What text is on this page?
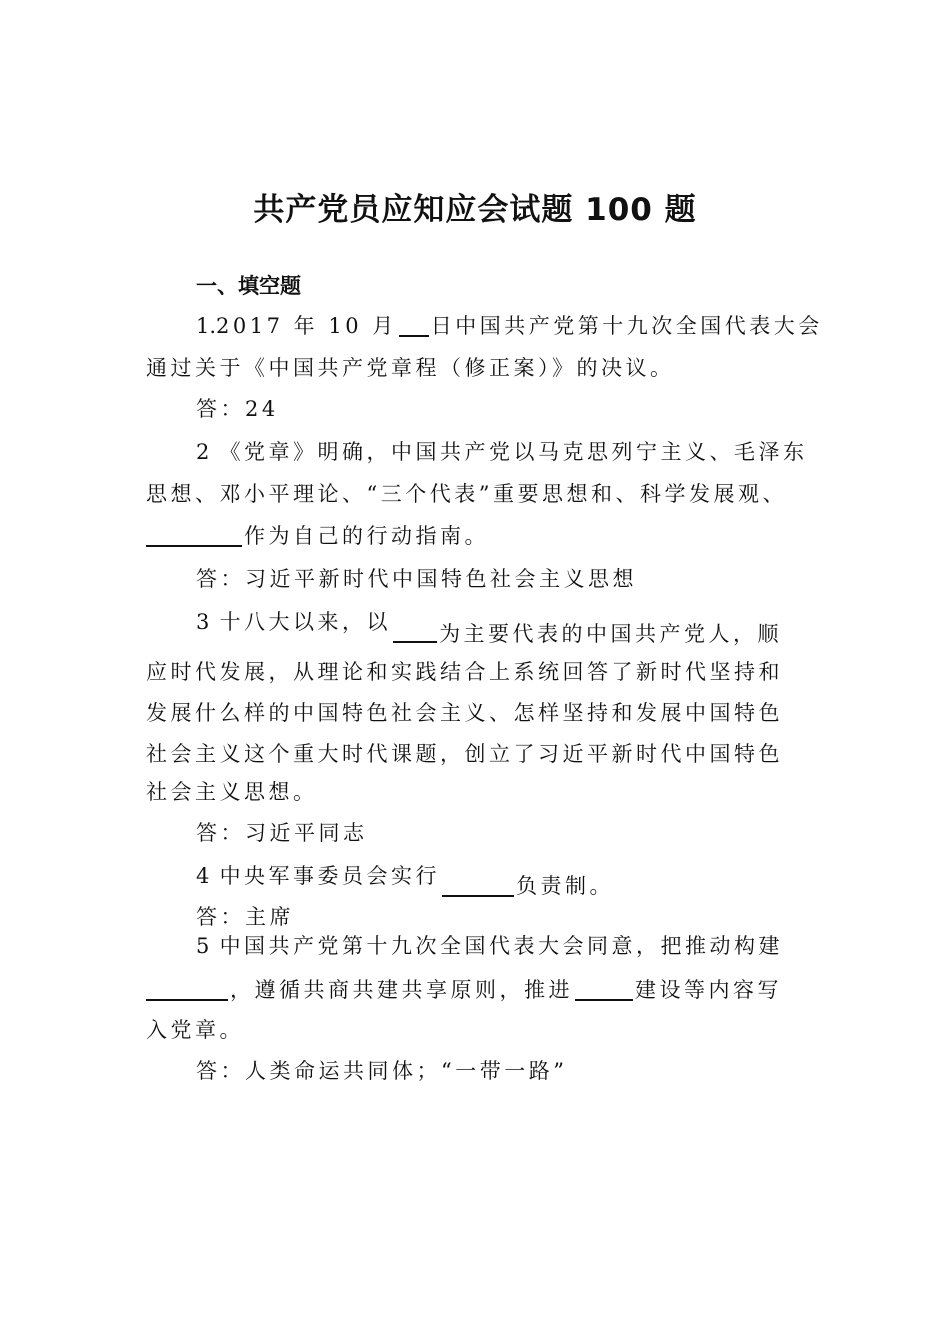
共产党员应知应会试题 100 题
一、填空题
1.2017 年 10 月 日中国共产党第十九次全国代表大会
通过关于《中国共产党章程（修正案）》的决议。
答：24
2 《党章》明确，中国共产党以马克思列宁主义、毛泽东
思想、邓小平理论、“三个代表”重要思想和、科学发展观、
作为自己的行动指南。
答：习近平新时代中国特色社会主义思想
3 十八大以来，以 为主要代表的中国共产党人，顺
应时代发展，从理论和实践结合上系统回答了新时代坚持和
发展什么样的中国特色社会主义、怎样坚持和发展中国特色
社会主义这个重大时代课题，创立了习近平新时代中国特色
社会主义思想。
答：习近平同志
4 中央军事委员会实行	负责制。
答：主席
5 中国共产党第十九次全国代表大会同意，把推动构建
，遵循共商共建共享原则，推进	建设等内容写
入党章。
答：人类命运共同体；“一带一路”
